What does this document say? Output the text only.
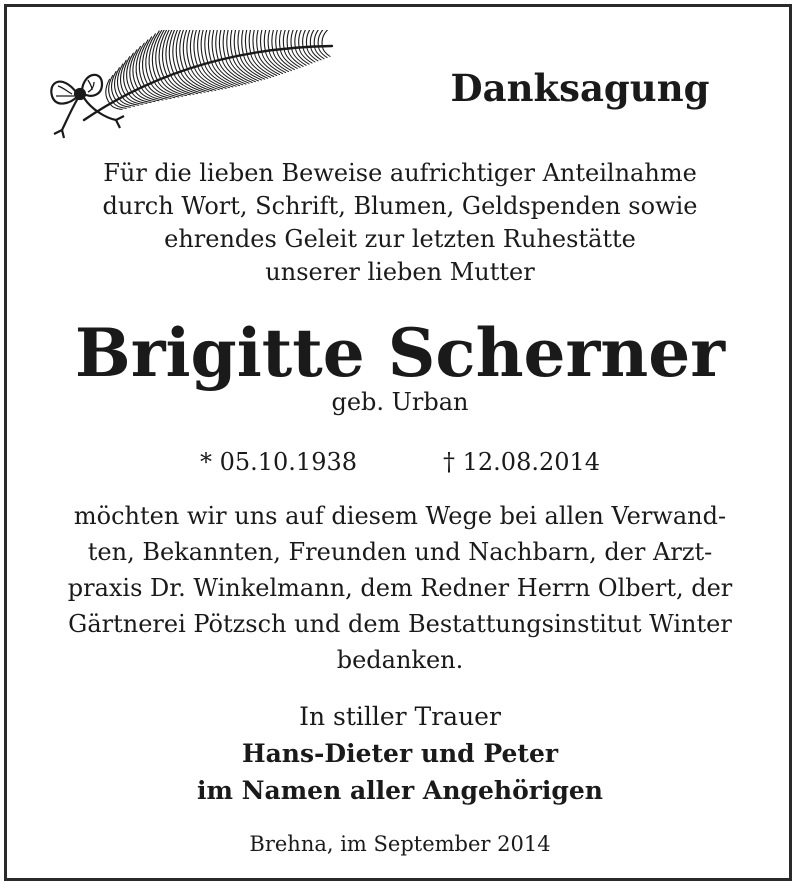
Danksagung
Für die lieben Beweise aufrichtiger Anteilnahme
durch Wort, Schrift, Blumen, Geldspenden sowie
ehrendes Geleit zur letzten Ruhestätte
unserer lieben Mutter
Brigitte Scherner
geb. Urban
* 05.10.1938	† 12.08.2014
möchten wir uns auf diesem Wege bei allen Verwand-
ten, Bekannten, Freunden und Nachbarn, der Arzt-
praxis Dr. Winkelmann, dem Redner Herrn Olbert, der
Gärtnerei Pötzsch und dem Bestattungsinstitut Winter
bedanken.
In stiller Trauer
Hans-Dieter und Peter
im Namen aller Angehörigen
Brehna, im September 2014
